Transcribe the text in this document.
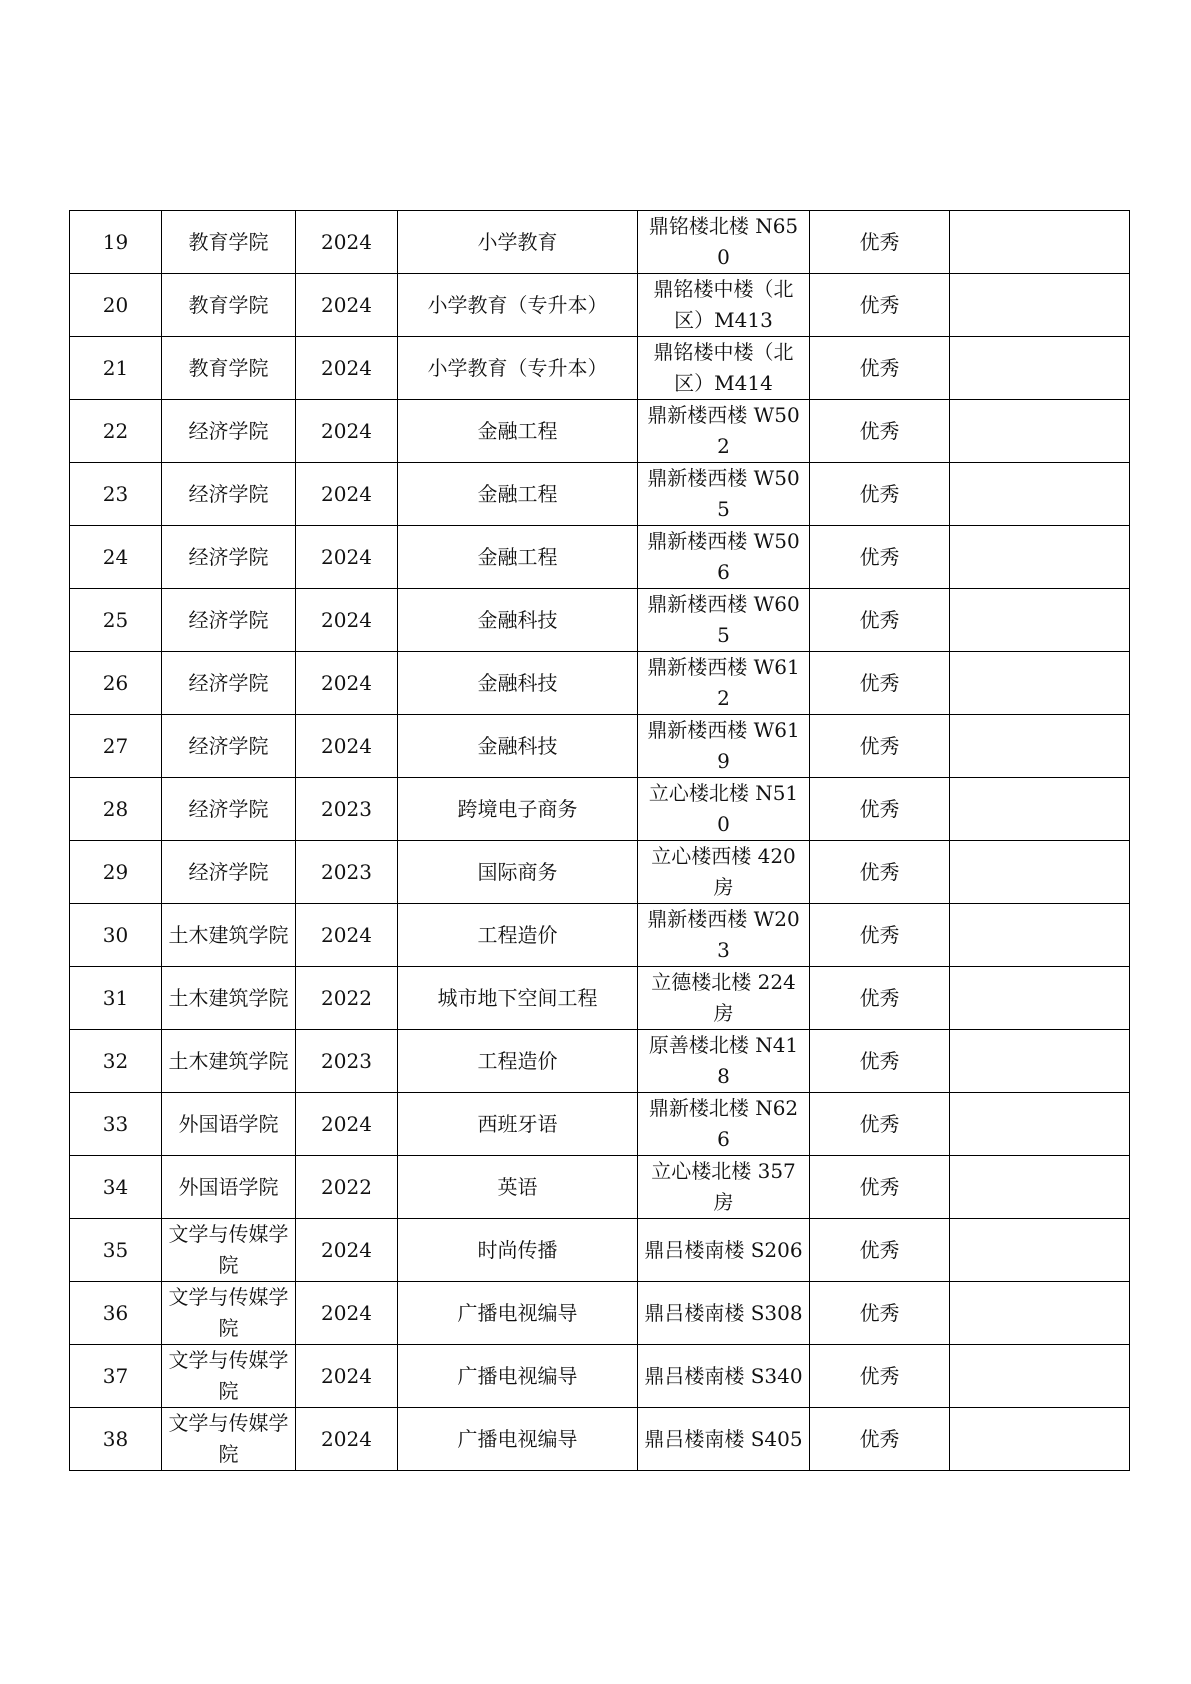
19	教育学院	2024	小学教育	鼎铭楼北楼 N650	优秀	
20	教育学院	2024	小学教育（专升本）	鼎铭楼中楼（北区）M413	优秀	
21	教育学院	2024	小学教育（专升本）	鼎铭楼中楼（北区）M414	优秀	
22	经济学院	2024	金融工程	鼎新楼西楼 W502	优秀	
23	经济学院	2024	金融工程	鼎新楼西楼 W505	优秀	
24	经济学院	2024	金融工程	鼎新楼西楼 W506	优秀	
25	经济学院	2024	金融科技	鼎新楼西楼 W605	优秀	
26	经济学院	2024	金融科技	鼎新楼西楼 W612	优秀	
27	经济学院	2024	金融科技	鼎新楼西楼 W619	优秀	
28	经济学院	2023	跨境电子商务	立心楼北楼 N510	优秀	
29	经济学院	2023	国际商务	立心楼西楼 420 房	优秀	
30	土木建筑学院	2024	工程造价	鼎新楼西楼 W203	优秀	
31	土木建筑学院	2022	城市地下空间工程	立德楼北楼 224 房	优秀	
32	土木建筑学院	2023	工程造价	原善楼北楼 N418	优秀	
33	外国语学院	2024	西班牙语	鼎新楼北楼 N626	优秀	
34	外国语学院	2022	英语	立心楼北楼 357 房	优秀	
35	文学与传媒学院	2024	时尚传播	鼎吕楼南楼 S206	优秀	
36	文学与传媒学院	2024	广播电视编导	鼎吕楼南楼 S308	优秀	
37	文学与传媒学院	2024	广播电视编导	鼎吕楼南楼 S340	优秀	
38	文学与传媒学院	2024	广播电视编导	鼎吕楼南楼 S405	优秀	
